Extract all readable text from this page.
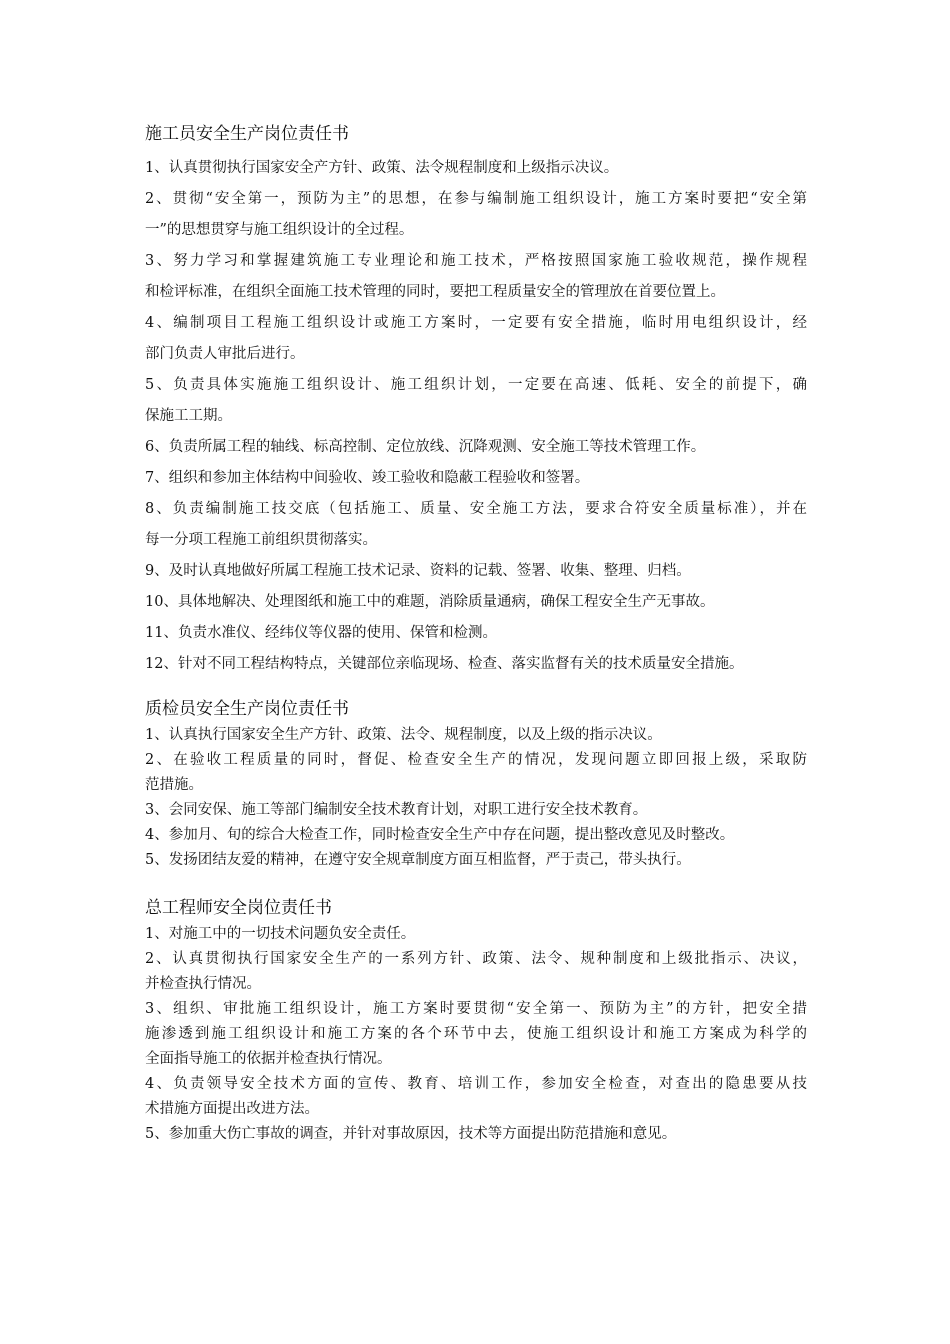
施工员安全生产岗位责任书
1、认真贯彻执行国家安全产方针、政策、法令规程制度和上级指示决议。
2、贯彻“安全第一，预防为主”的思想，在参与编制施工组织设计，施工方案时要把“安全第
一”的思想贯穿与施工组织设计的全过程。
3、努力学习和掌握建筑施工专业理论和施工技术，严格按照国家施工验收规范，操作规程
和检评标准，在组织全面施工技术管理的同时，要把工程质量安全的管理放在首要位置上。
4、编制项目工程施工组织设计或施工方案时，一定要有安全措施，临时用电组织设计，经
部门负责人审批后进行。
5、负责具体实施施工组织设计、施工组织计划，一定要在高速、低耗、安全的前提下，确
保施工工期。
6、负责所属工程的轴线、标高控制、定位放线、沉降观测、安全施工等技术管理工作。
7、组织和参加主体结构中间验收、竣工验收和隐蔽工程验收和签署。
8、负责编制施工技交底（包括施工、质量、安全施工方法，要求合符安全质量标准），并在
每一分项工程施工前组织贯彻落实。
9、及时认真地做好所属工程施工技术记录、资料的记载、签署、收集、整理、归档。
10、具体地解决、处理图纸和施工中的难题，消除质量通病，确保工程安全生产无事故。
11、负责水准仪、经纬仪等仪器的使用、保管和检测。
12、针对不同工程结构特点，关键部位亲临现场、检查、落实监督有关的技术质量安全措施。
质检员安全生产岗位责任书
1、认真执行国家安全生产方针、政策、法令、规程制度，以及上级的指示决议。
2、在验收工程质量的同时，督促、检查安全生产的情况，发现问题立即回报上级，采取防
范措施。
3、会同安保、施工等部门编制安全技术教育计划，对职工进行安全技术教育。
4、参加月、旬的综合大检查工作，同时检查安全生产中存在问题，提出整改意见及时整改。
5、发扬团结友爱的精神，在遵守安全规章制度方面互相监督，严于责己，带头执行。
总工程师安全岗位责任书
1、对施工中的一切技术问题负安全责任。
2、认真贯彻执行国家安全生产的一系列方针、政策、法令、规种制度和上级批指示、决议，
并检查执行情况。
3、组织、审批施工组织设计，施工方案时要贯彻“安全第一、预防为主”的方针，把安全措
施渗透到施工组织设计和施工方案的各个环节中去，使施工组织设计和施工方案成为科学的
全面指导施工的依据并检查执行情况。
4、负责领导安全技术方面的宣传、教育、培训工作，参加安全检查，对查出的隐患要从技
术措施方面提出改进方法。
5、参加重大伤亡事故的调查，并针对事故原因，技术等方面提出防范措施和意见。
